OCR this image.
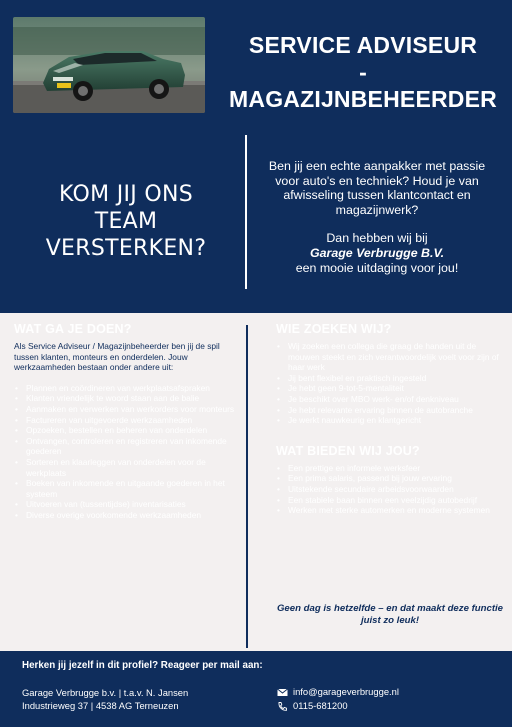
SERVICE ADVISEUR
-
MAGAZIJNBEHEERDER
KOM JIJ ONS
TEAM
VERSTERKEN?

Ben jij een echte aanpakker met passie voor auto's en techniek? Houd je van afwisseling tussen klantcontact en magazijnwerk?

Dan hebben wij bij
Garage Verbrugge B.V.
een mooie uitdaging voor jou!
WAT GA JE DOEN?
Als Service Adviseur / Magazijnbeheerder ben jij de spil tussen klanten, monteurs en onderdelen. Jouw werkzaamheden bestaan onder andere uit:
• Plannen en coördineren van werkplaatsafspraken
• Klanten vriendelijk te woord staan aan de balie
• Aanmaken en verwerken van werkorders voor monteurs
• Factureren van uitgevoerde werkzaamheden
• Opzoeken, bestellen en beheren van onderdelen
• Ontvangen, controleren en registreren van inkomende goederen
• Sorteren en klaarleggen van onderdelen voor de werkplaats
• Boeken van inkomende en uitgaande goederen in het systeem
• Uitvoeren van (tussentijdse) inventarisaties
• Diverse overige voorkomende werkzaamheden
WIE ZOEKEN WIJ?
• Wij zoeken een collega die graag de handen uit de mouwen steekt en zich verantwoordelijk voelt voor zijn of haar werk
• Jij bent flexibel en praktisch ingesteld
• Je hebt geen 9-tot-5-mentaliteit
• Je beschikt over MBO werk- en/of denkniveau
• Je hebt relevante ervaring binnen de autobranche
• Je werkt nauwkeurig en klantgericht
WAT BIEDEN WIJ JOU?
• Een prettige en informele werksfeer
• Een prima salaris, passend bij jouw ervaring
• Uitstekende secundaire arbeidsvoorwaarden
• Een stabiele baan binnen een veelzijdig autobedrijf
• Werken met sterke automerken en moderne systemen
Geen dag is hetzelfde – en dat maakt deze functie juist zo leuk!
Herken jij jezelf in dit profiel? Reageer per mail aan:
Garage Verbrugge b.v. | t.a.v. N. Jansen
Industrieweg 37 | 4538 AG Terneuzen
info@garageverbrugge.nl
0115-681200
